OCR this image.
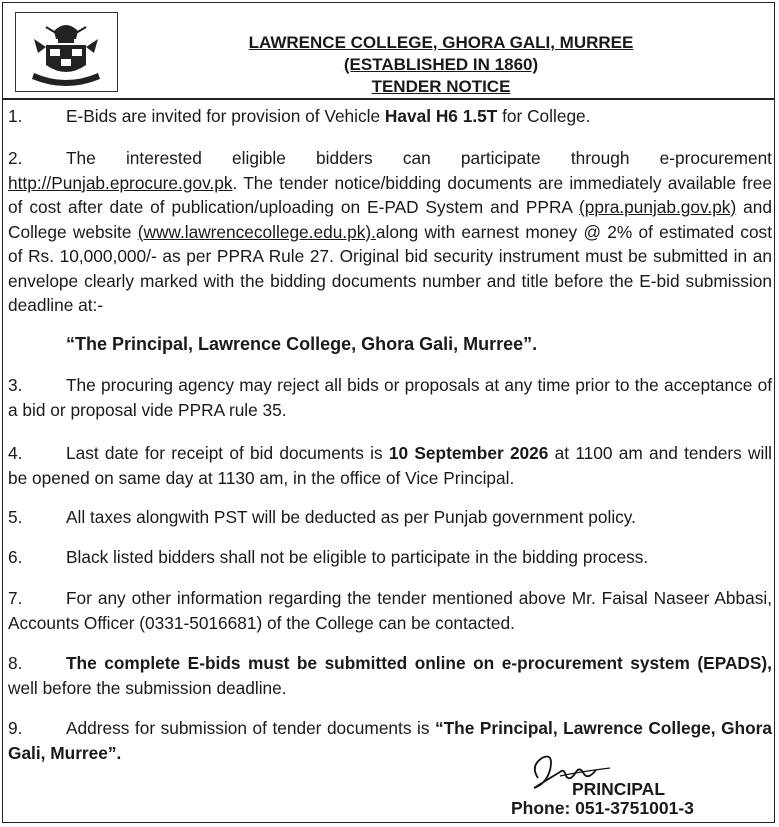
LAWRENCE COLLEGE, GHORA GALI, MURREE
(ESTABLISHED IN 1860)
TENDER NOTICE

1.	E-Bids are invited for provision of Vehicle Haval H6 1.5T for College.

2.	The interested eligible bidders can participate through e-procurement http://Punjab.eprocure.gov.pk. The tender notice/bidding documents are immediately available free of cost after date of publication/uploading on E-PAD System and PPRA (ppra.punjab.gov.pk) and College website (www.lawrencecollege.edu.pk).along with earnest money @ 2% of estimated cost of Rs. 10,000,000/- as per PPRA Rule 27. Original bid security instrument must be submitted in an envelope clearly marked with the bidding documents number and title before the E-bid submission deadline at:-

“The Principal, Lawrence College, Ghora Gali, Murree”.

3.	The procuring agency may reject all bids or proposals at any time prior to the acceptance of a bid or proposal vide PPRA rule 35.

4.	Last date for receipt of bid documents is 10 September 2026 at 1100 am and tenders will be opened on same day at 1130 am, in the office of Vice Principal.

5.	All taxes alongwith PST will be deducted as per Punjab government policy.

6.	Black listed bidders shall not be eligible to participate in the bidding process.

7.	For any other information regarding the tender mentioned above Mr. Faisal Naseer Abbasi, Accounts Officer (0331-5016681) of the College can be contacted.

8.	The complete E-bids must be submitted online on e-procurement system (EPADS), well before the submission deadline.

9.	Address for submission of tender documents is “The Principal, Lawrence College, Ghora Gali, Murree”.

PRINCIPAL
Phone: 051-3751001-3
